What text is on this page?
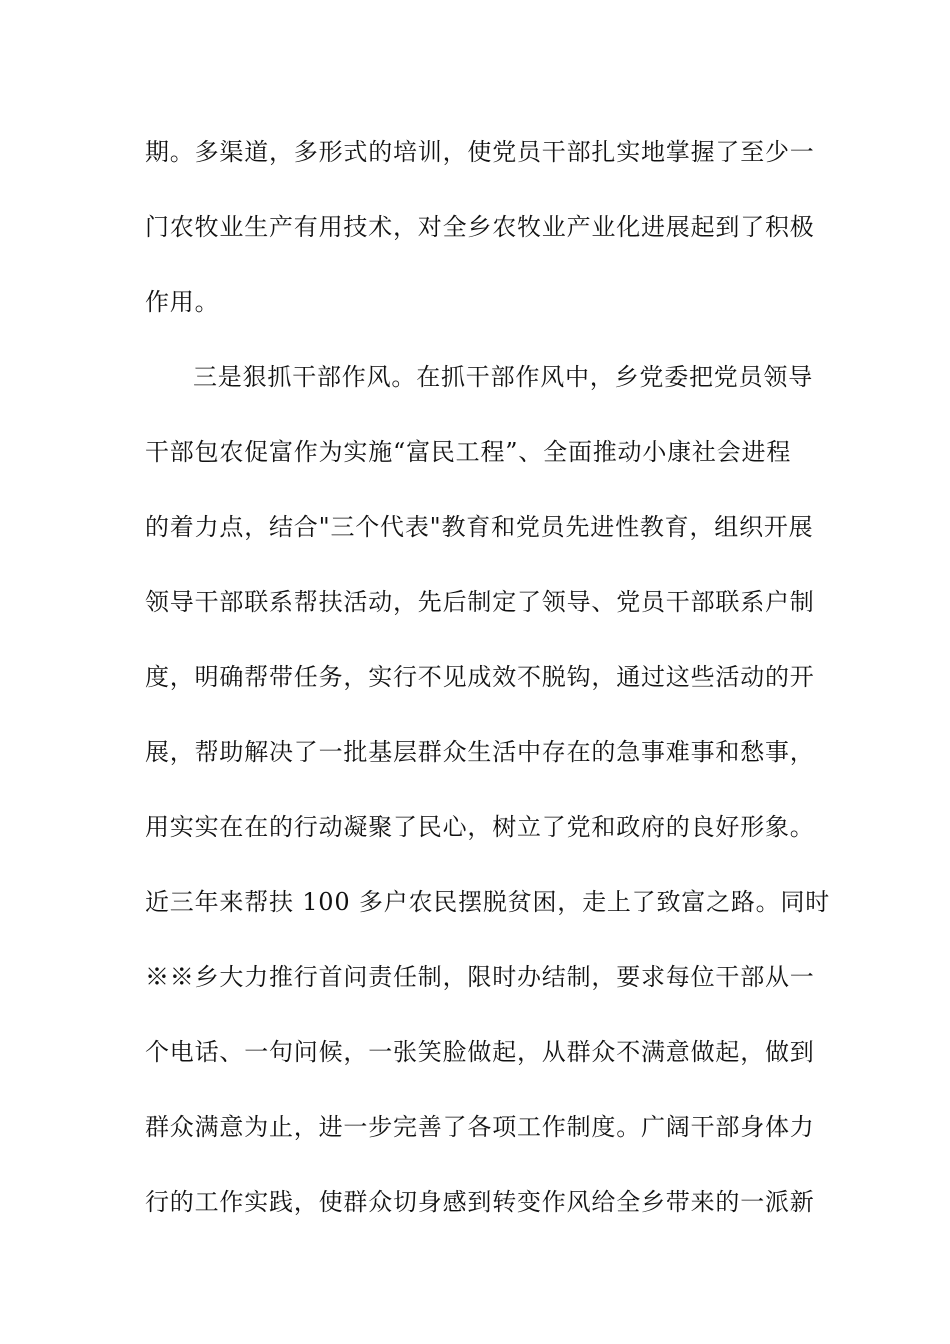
期。多渠道，多形式的培训，使党员干部扎实地掌握了至少一
门农牧业生产有用技术，对全乡农牧业产业化进展起到了积极
作用。
三是狠抓干部作风。在抓干部作风中，乡党委把党员领导
干部包农促富作为实施“富民工程”、全面推动小康社会进程
的着力点，结合"三个代表"教育和党员先进性教育，组织开展
领导干部联系帮扶活动，先后制定了领导、党员干部联系户制
度，明确帮带任务，实行不见成效不脱钩，通过这些活动的开
展，帮助解决了一批基层群众生活中存在的急事难事和愁事，
用实实在在的行动凝聚了民心，树立了党和政府的良好形象。
近三年来帮扶 100 多户农民摆脱贫困，走上了致富之路。同时
※※乡大力推行首问责任制，限时办结制，要求每位干部从一
个电话、一句问候，一张笑脸做起，从群众不满意做起，做到
群众满意为止，进一步完善了各项工作制度。广阔干部身体力
行的工作实践，使群众切身感到转变作风给全乡带来的一派新
